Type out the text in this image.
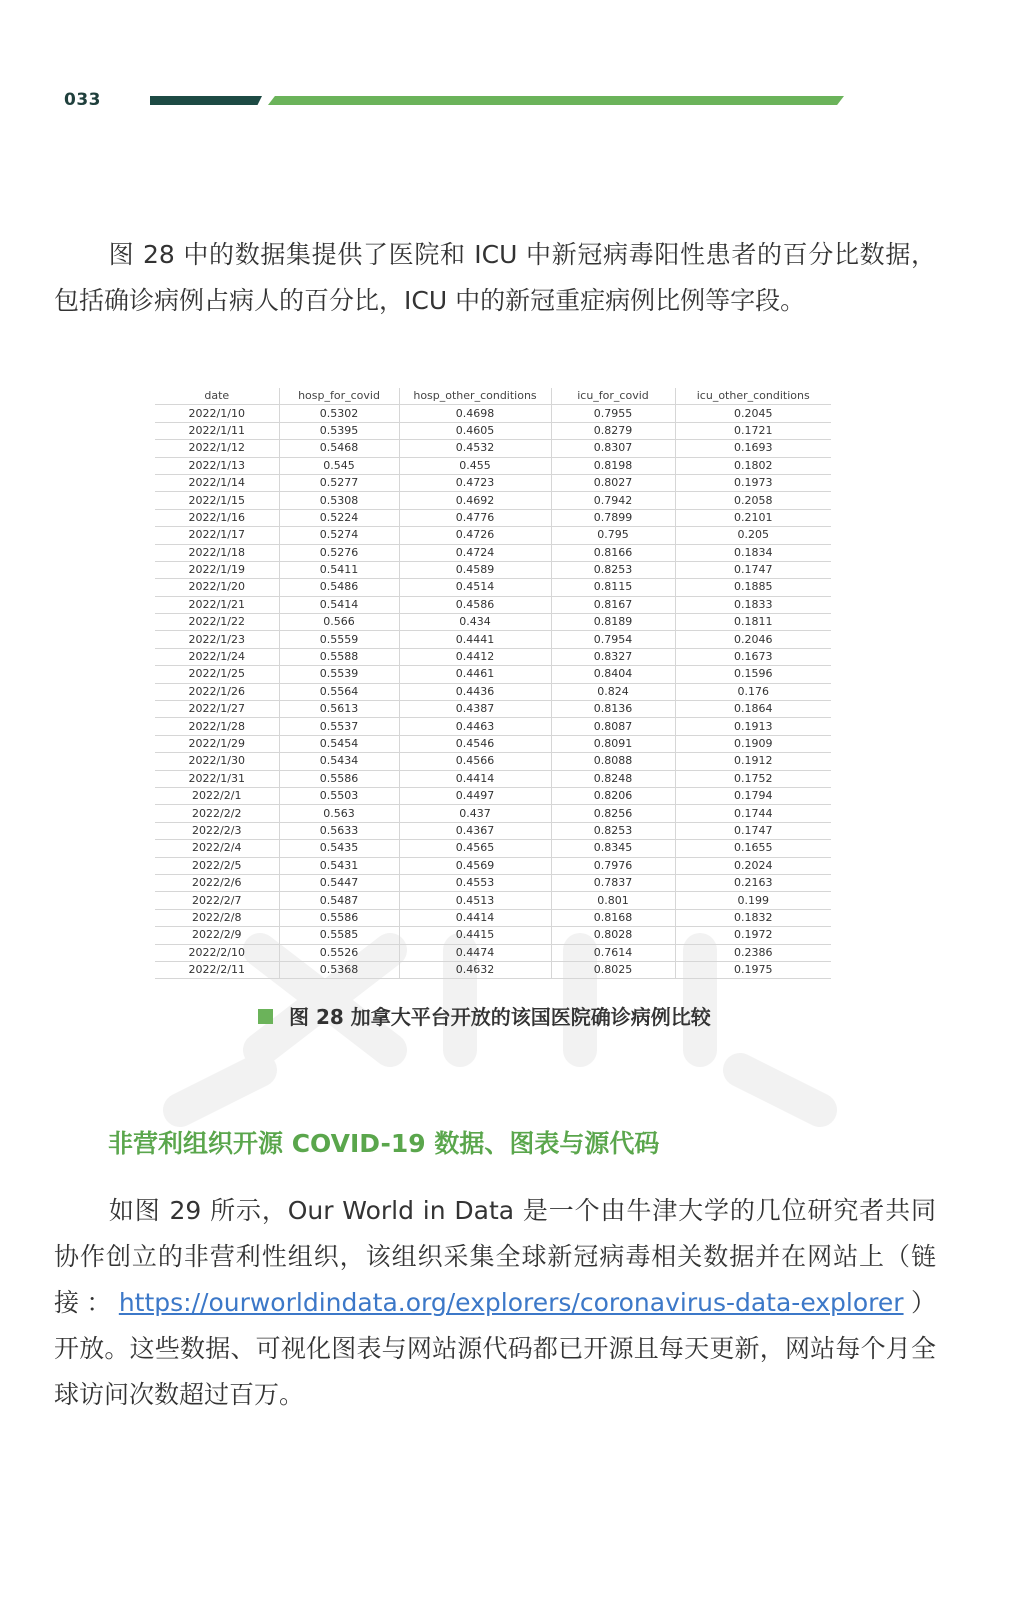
033

图 28 中的数据集提供了医院和 ICU 中新冠病毒阳性患者的百分比数据，包括确诊病例占病人的百分比，ICU 中的新冠重症病例比例等字段。

date	hosp_for_covid	hosp_other_conditions	icu_for_covid	icu_other_conditions
2022/1/10	0.5302	0.4698	0.7955	0.2045
2022/1/11	0.5395	0.4605	0.8279	0.1721
2022/1/12	0.5468	0.4532	0.8307	0.1693
2022/1/13	0.545	0.455	0.8198	0.1802
2022/1/14	0.5277	0.4723	0.8027	0.1973
2022/1/15	0.5308	0.4692	0.7942	0.2058
2022/1/16	0.5224	0.4776	0.7899	0.2101
2022/1/17	0.5274	0.4726	0.795	0.205
2022/1/18	0.5276	0.4724	0.8166	0.1834
2022/1/19	0.5411	0.4589	0.8253	0.1747
2022/1/20	0.5486	0.4514	0.8115	0.1885
2022/1/21	0.5414	0.4586	0.8167	0.1833
2022/1/22	0.566	0.434	0.8189	0.1811
2022/1/23	0.5559	0.4441	0.7954	0.2046
2022/1/24	0.5588	0.4412	0.8327	0.1673
2022/1/25	0.5539	0.4461	0.8404	0.1596
2022/1/26	0.5564	0.4436	0.824	0.176
2022/1/27	0.5613	0.4387	0.8136	0.1864
2022/1/28	0.5537	0.4463	0.8087	0.1913
2022/1/29	0.5454	0.4546	0.8091	0.1909
2022/1/30	0.5434	0.4566	0.8088	0.1912
2022/1/31	0.5586	0.4414	0.8248	0.1752
2022/2/1	0.5503	0.4497	0.8206	0.1794
2022/2/2	0.563	0.437	0.8256	0.1744
2022/2/3	0.5633	0.4367	0.8253	0.1747
2022/2/4	0.5435	0.4565	0.8345	0.1655
2022/2/5	0.5431	0.4569	0.7976	0.2024
2022/2/6	0.5447	0.4553	0.7837	0.2163
2022/2/7	0.5487	0.4513	0.801	0.199
2022/2/8	0.5586	0.4414	0.8168	0.1832
2022/2/9	0.5585	0.4415	0.8028	0.1972
2022/2/10	0.5526	0.4474	0.7614	0.2386
2022/2/11	0.5368	0.4632	0.8025	0.1975
图 28 加拿大平台开放的该国医院确诊病例比较
非营利组织开源 COVID-19 数据、图表与源代码

如图 29 所示，Our World in Data 是一个由牛津大学的几位研究者共同协作创立的非营利性组织，该组织采集全球新冠病毒相关数据并在网站上（链接：https://ourworldindata.org/explorers/coronavirus-data-explorer）开放。这些数据、可视化图表与网站源代码都已开源且每天更新，网站每个月全球访问次数超过百万。
